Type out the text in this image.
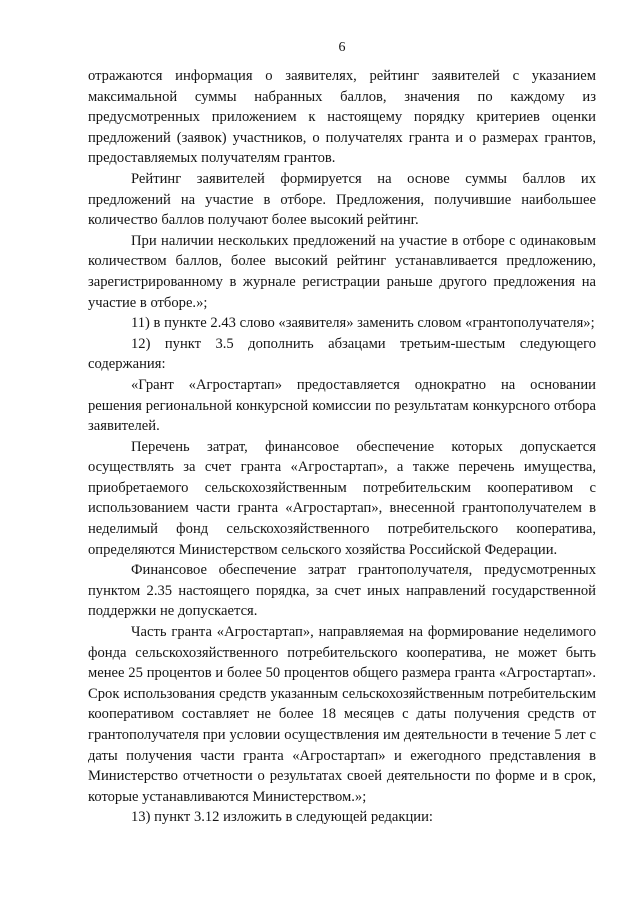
6

отражаются информация о заявителях, рейтинг заявителей с указанием максимальной суммы набранных баллов, значения по каждому из предусмотренных приложением к настоящему порядку критериев оценки предложений (заявок) участников, о получателях гранта и о размерах грантов, предоставляемых получателям грантов.

Рейтинг заявителей формируется на основе суммы баллов их предложений на участие в отборе. Предложения, получившие наибольшее количество баллов получают более высокий рейтинг.

При наличии нескольких предложений на участие в отборе с одинаковым количеством баллов, более высокий рейтинг устанавливается предложению, зарегистрированному в журнале регистрации раньше другого предложения на участие в отборе.»;

11) в пункте 2.43 слово «заявителя» заменить словом «грантополучателя»;

12) пункт 3.5 дополнить абзацами третьим-шестым следующего содержания:

«Грант «Агростартап» предоставляется однократно на основании решения региональной конкурсной комиссии по результатам конкурсного отбора заявителей.

Перечень затрат, финансовое обеспечение которых допускается осуществлять за счет гранта «Агростартап», а также перечень имущества, приобретаемого сельскохозяйственным потребительским кооперативом с использованием части гранта «Агростартап», внесенной грантополучателем в неделимый фонд сельскохозяйственного потребительского кооператива, определяются Министерством сельского хозяйства Российской Федерации.

Финансовое обеспечение затрат грантополучателя, предусмотренных пунктом 2.35 настоящего порядка, за счет иных направлений государственной поддержки не допускается.

Часть гранта «Агростартап», направляемая на формирование неделимого фонда сельскохозяйственного потребительского кооператива, не может быть менее 25 процентов и более 50 процентов общего размера гранта «Агростартап». Срок использования средств указанным сельскохозяйственным потребительским кооперативом составляет не более 18 месяцев с даты получения средств от грантополучателя при условии осуществления им деятельности в течение 5 лет с даты получения части гранта «Агростартап» и ежегодного представления в Министерство отчетности о результатах своей деятельности по форме и в срок, которые устанавливаются Министерством.»;

13) пункт 3.12 изложить в следующей редакции:
